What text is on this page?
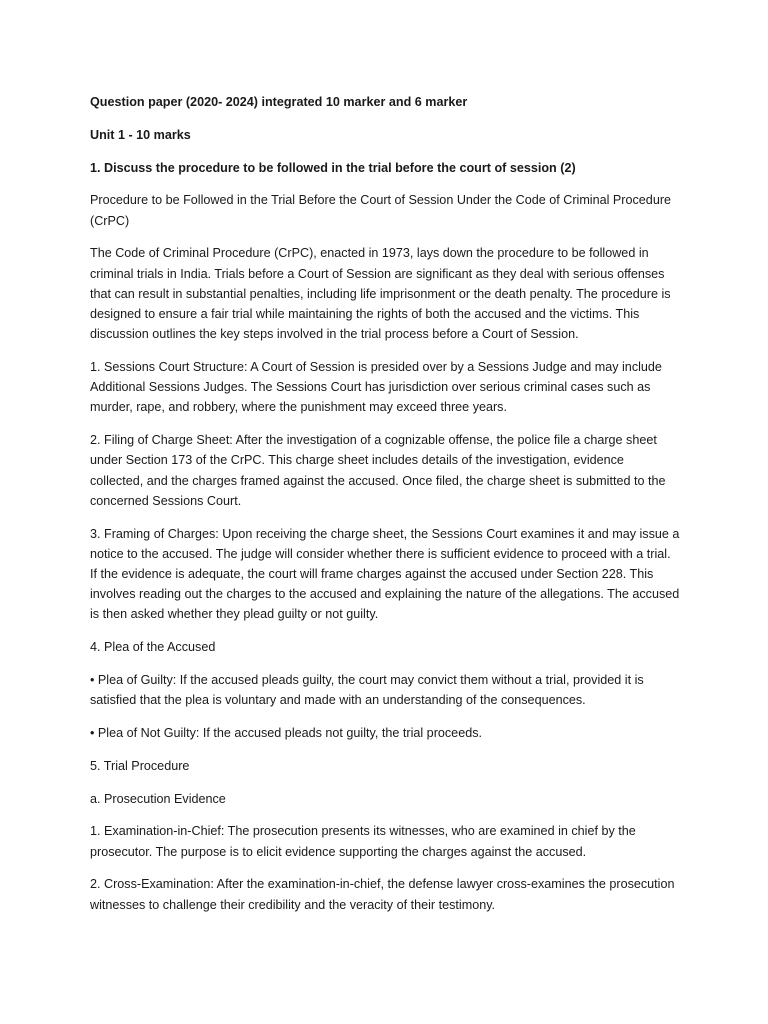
Question paper (2020- 2024) integrated 10 marker and 6 marker

Unit 1 - 10 marks

1. Discuss the procedure to be followed in the trial before the court of session (2)

Procedure to be Followed in the Trial Before the Court of Session Under the Code of Criminal Procedure (CrPC)

The Code of Criminal Procedure (CrPC), enacted in 1973, lays down the procedure to be followed in criminal trials in India. Trials before a Court of Session are significant as they deal with serious offenses that can result in substantial penalties, including life imprisonment or the death penalty. The procedure is designed to ensure a fair trial while maintaining the rights of both the accused and the victims. This discussion outlines the key steps involved in the trial process before a Court of Session.

1. Sessions Court Structure: A Court of Session is presided over by a Sessions Judge and may include Additional Sessions Judges. The Sessions Court has jurisdiction over serious criminal cases such as murder, rape, and robbery, where the punishment may exceed three years.

2. Filing of Charge Sheet: After the investigation of a cognizable offense, the police file a charge sheet under Section 173 of the CrPC. This charge sheet includes details of the investigation, evidence collected, and the charges framed against the accused. Once filed, the charge sheet is submitted to the concerned Sessions Court.

3. Framing of Charges: Upon receiving the charge sheet, the Sessions Court examines it and may issue a notice to the accused. The judge will consider whether there is sufficient evidence to proceed with a trial. If the evidence is adequate, the court will frame charges against the accused under Section 228. This involves reading out the charges to the accused and explaining the nature of the allegations. The accused is then asked whether they plead guilty or not guilty.

4. Plea of the Accused

• Plea of Guilty: If the accused pleads guilty, the court may convict them without a trial, provided it is satisfied that the plea is voluntary and made with an understanding of the consequences.

• Plea of Not Guilty: If the accused pleads not guilty, the trial proceeds.

5. Trial Procedure

a. Prosecution Evidence

1. Examination-in-Chief: The prosecution presents its witnesses, who are examined in chief by the prosecutor. The purpose is to elicit evidence supporting the charges against the accused.

2. Cross-Examination: After the examination-in-chief, the defense lawyer cross-examines the prosecution witnesses to challenge their credibility and the veracity of their testimony.
